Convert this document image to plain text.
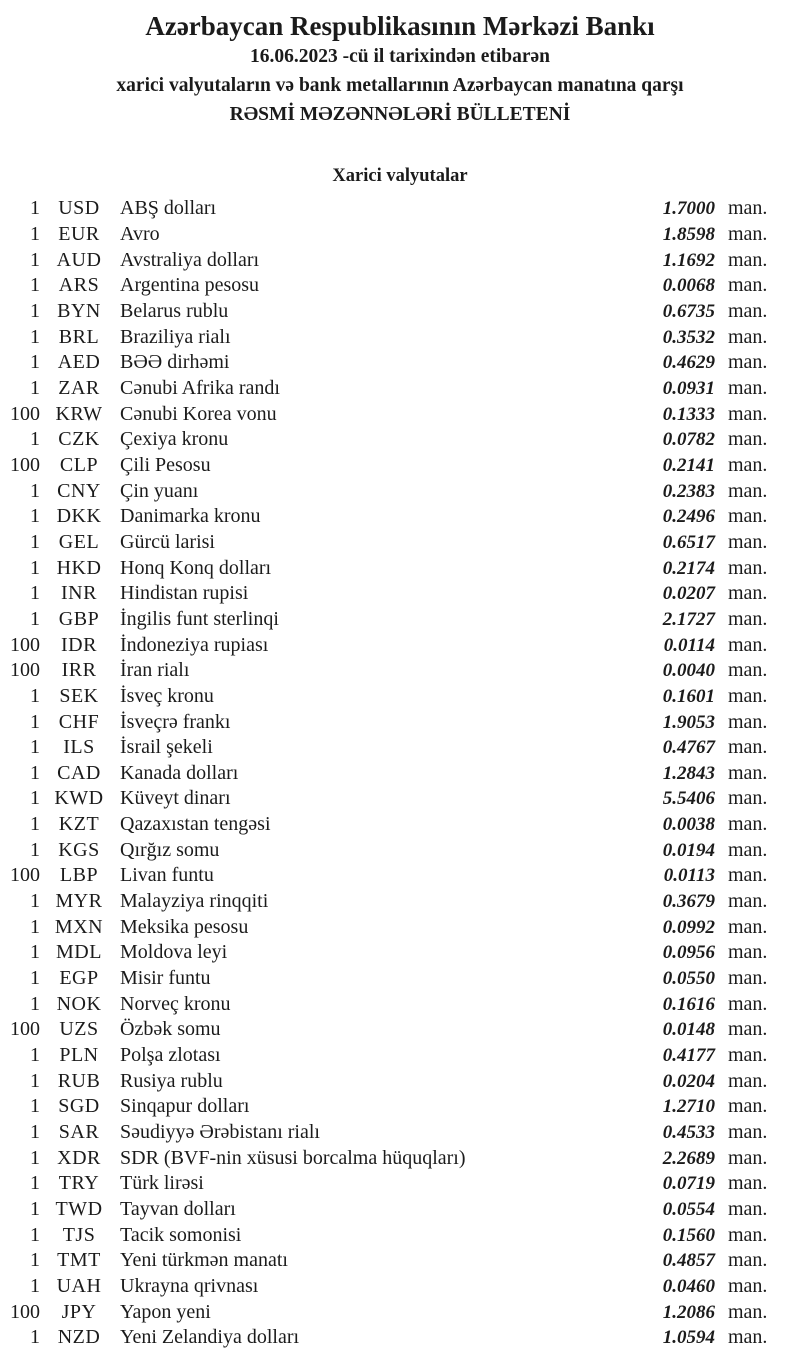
Azərbaycan Respublikasının Mərkəzi Bankı
16.06.2023 -cü il tarixindən etibarən
xarici valyutaların və bank metallarının Azərbaycan manatına qarşı
RƏSMİ MƏZƏNNƏLƏRİ BÜLLETENİ
Xarici valyutalar
1 USD	ABŞ dolları	1.7000 man.
1 EUR	Avro	1.8598 man.
1 AUD Avstraliya dolları	1.1692 man.
1 ARS	Argentina pesosu	0.0068 man.
1 BYN Belarus rublu	0.6735 man.
1 BRL	Braziliya rialı	0.3532 man.
1 AED BƏƏ dirhəmi	0.4629 man.
1 ZAR	Cənubi Afrika randı	0.0931 man.
100 KRW Cənubi Korea vonu	0.1333 man.
1 CZK	Çexiya kronu	0.0782 man.
100 CLP	Çili Pesosu	0.2141 man.
1 CNY Çin yuanı	0.2383 man.
1 DKK Danimarka kronu	0.2496 man.
1 GEL	Gürcü larisi	0.6517 man.
1 HKD Honq Konq dolları	0.2174 man.
1	INR	Hindistan rupisi	0.0207 man.
1 GBP	İngilis funt sterlinqi	2.1727 man.
100	IDR	İndoneziya rupiası	0.0114 man.
100	IRR	İran rialı	0.0040 man.
1 SEK	İsveç kronu	0.1601 man.
1 CHF	İsveçrə frankı	1.9053 man.
1	ILS	İsrail şekeli	0.4767 man.
1 CAD Kanada dolları	1.2843 man.
1 KWD Küveyt dinarı	5.5406 man.
1 KZT	Qazaxıstan tengəsi	0.0038 man.
1 KGS	Qırğız somu	0.0194 man.
100 LBP	Livan funtu	0.0113 man.
1 MYR Malayziya rinqqiti	0.3679 man.
1 MXN Meksika pesosu	0.0992 man.
1 MDL Moldova leyi	0.0956 man.
1 EGP	Misir funtu	0.0550 man.
1 NOK Norveç kronu	0.1616 man.
100 UZS	Özbək somu	0.0148 man.
1 PLN	Polşa zlotası	0.4177 man.
1 RUB Rusiya rublu	0.0204 man.
1 SGD	Sinqapur dolları	1.2710 man.
1 SAR	Səudiyyə Ərəbistanı rialı	0.4533 man.
1 XDR SDR (BVF-nin xüsusi borcalma hüquqları)	2.2689 man.
1 TRY	Türk lirəsi	0.0719 man.
1 TWD Tayvan dolları	0.0554 man.
1	TJS	Tacik somonisi	0.1560 man.
1 TMT Yeni türkmən manatı	0.4857 man.
1 UAH Ukrayna qrivnası	0.0460 man.
100	JPY	Yapon yeni	1.2086 man.
1 NZD Yeni Zelandiya dolları	1.0594 man.
